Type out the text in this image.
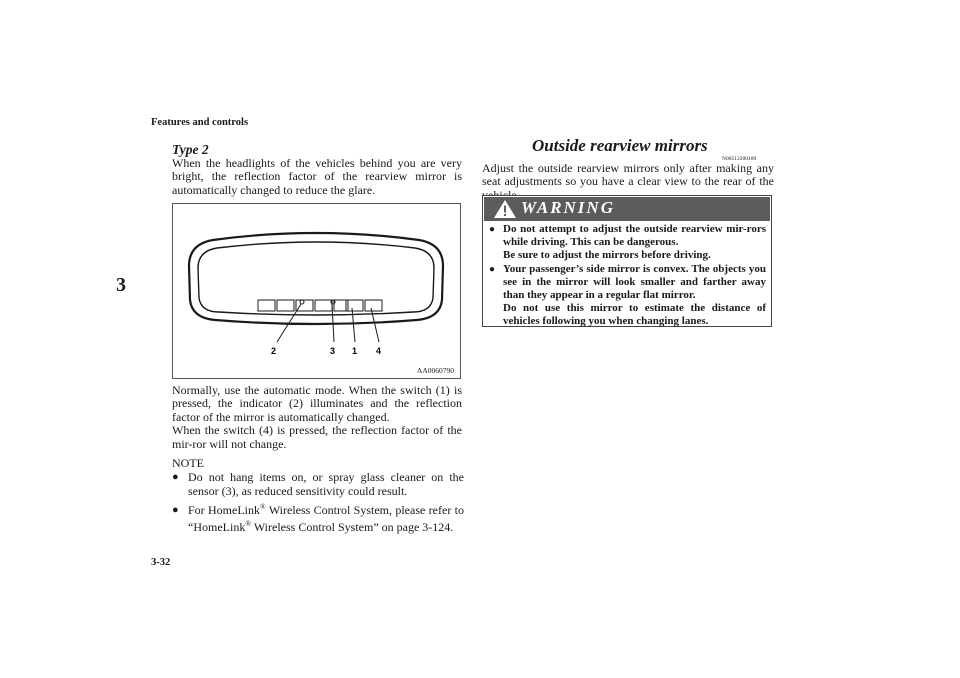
Features and controls
3
3-32
Type 2

When the headlights of the vehicles behind you are very bright, the reflection factor of the rearview mirror is automatically changed to reduce the glare.

2	3 1 4
AA0060790

Normally, use the automatic mode. When the switch (1) is pressed, the indicator (2) illuminates and the reflection factor of the mirror is automatically changed.

When the switch (4) is pressed, the reflection factor of the mir-ror will not change.

NOTE
● Do not hang items on, or spray glass cleaner on the sensor (3), as reduced sensitivity could result.
● For HomeLink® Wireless Control System, please refer to “HomeLink® Wireless Control System” on page 3-124.
Outside rearview mirrors
N00512200189
Adjust the outside rearview mirrors only after making any seat adjustments so you have a clear view to the rear of the
WARNING
● Do not attempt to adjust the outside rearview mir-rors while driving. This can be dangerous.
Be sure to adjust the mirrors before driving.
● Your passenger’s side mirror is convex. The objects you see in the mirror will look smaller and farther away than they appear in a regular flat mirror.
Do not use this mirror to estimate the distance of vehicles following you when changing lanes.
